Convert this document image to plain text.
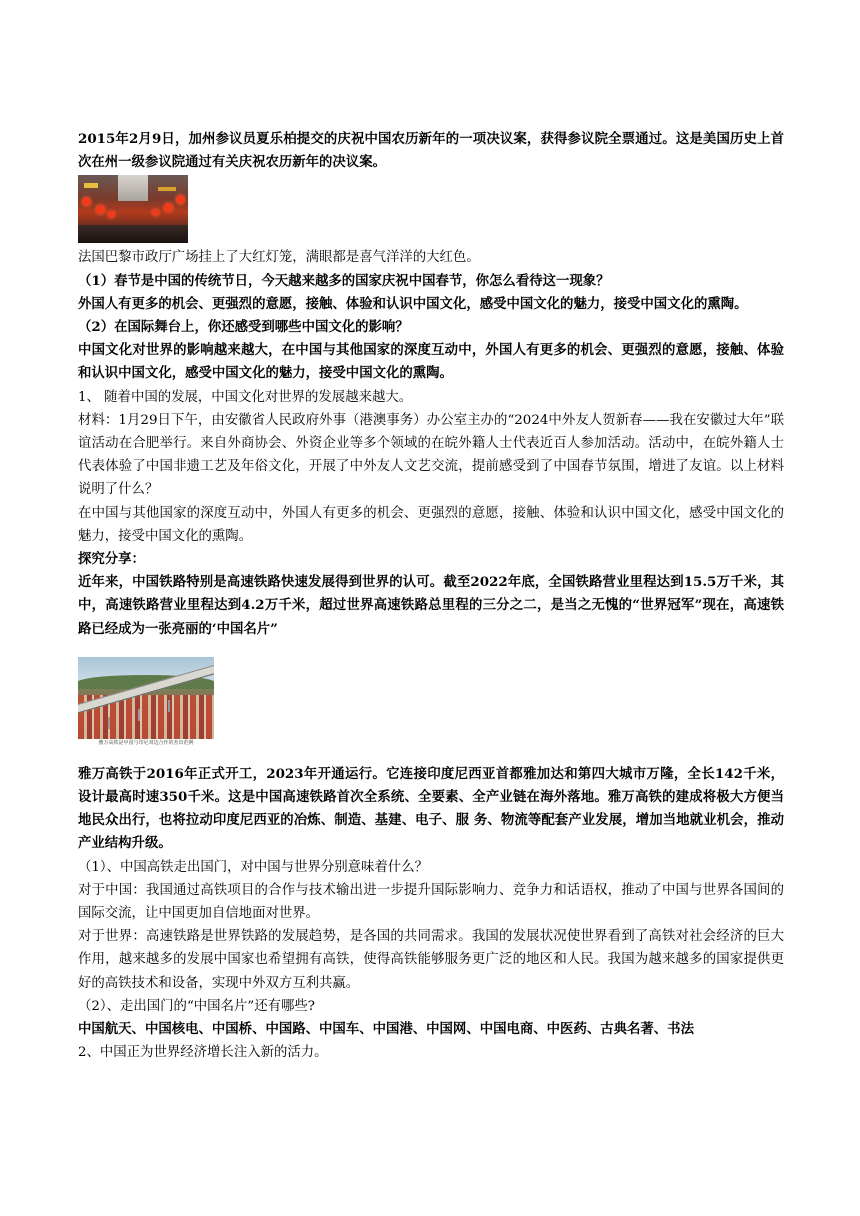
2015年2月9日，加州参议员夏乐柏提交的庆祝中国农历新年的一项决议案，获得参议院全票通过。这是美国历史上首次在州一级参议院通过有关庆祝农历新年的决议案。

法国巴黎市政厅广场挂上了大红灯笼，满眼都是喜气洋洋的大红色。

（1）春节是中国的传统节日，今天越来越多的国家庆祝中国春节，你怎么看待这一现象？

外国人有更多的机会、更强烈的意愿，接触、体验和认识中国文化，感受中国文化的魅力，接受中国文化的熏陶。

（2）在国际舞台上，你还感受到哪些中国文化的影响？

中国文化对世界的影响越来越大，在中国与其他国家的深度互动中，外国人有更多的机会、更强烈的意愿，接触、体验和认识中国文化，感受中国文化的魅力，接受中国文化的熏陶。

1、 随着中国的发展，中国文化对世界的发展越来越大。

材料：1月29日下午，由安徽省人民政府外事（港澳事务）办公室主办的“2024中外友人贺新春——我在安徽过大年”联谊活动在合肥举行。来自外商协会、外资企业等多个领域的在皖外籍人士代表近百人参加活动。活动中，在皖外籍人士代表体验了中国非遗工艺及年俗文化，开展了中外友人文艺交流，提前感受到了中国春节氛围，增进了友谊。以上材料说明了什么？

在中国与其他国家的深度互动中，外国人有更多的机会、更强烈的意愿，接触、体验和认识中国文化，感受中国文化的魅力，接受中国文化的熏陶。

探究分享：

近年来，中国铁路特别是高速铁路快速发展得到世界的认可。截至2022年底，全国铁路营业里程达到15.5万千米，其中，高速铁路营业里程达到4.2万千米，超过世界高速铁路总里程的三分之二，是当之无愧的“世界冠军”现在，高速铁路已经成为一张亮丽的‘中国名片”

雅万高铁是中国与印尼双边合作的杰出范例

雅万高铁于2016年正式开工，2023年开通运行。它连接印度尼西亚首都雅加达和第四大城市万隆，全长142千米， 设计最高时速350千米。这是中国高速铁路首次全系统、全要素、全产业链在海外落地。雅万高铁的建成将极大方便当地民众出行，也将拉动印度尼西亚的冶炼、制造、基建、电子、服 务、物流等配套产业发展，增加当地就业机会，推动产业结构升级。

（1）、中国高铁走出国门，对中国与世界分别意味着什么？

对于中国：我国通过高铁项目的合作与技术输出进一步提升国际影响力、竞争力和话语权，推动了中国与世界各国间的国际交流，让中国更加自信地面对世界。

对于世界：高速铁路是世界铁路的发展趋势，是各国的共同需求。我国的发展状况使世界看到了高铁对社会经济的巨大作用，越来越多的发展中国家也希望拥有高铁，使得高铁能够服务更广泛的地区和人民。我国为越来越多的国家提供更好的高铁技术和设备，实现中外双方互利共赢。

（2）、走出国门的“中国名片”还有哪些?

中国航天、中国核电、中国桥、中国路、中国车、中国港、中国网、中国电商、中医药、古典名著、书法

2、中国正为世界经济增长注入新的活力。
